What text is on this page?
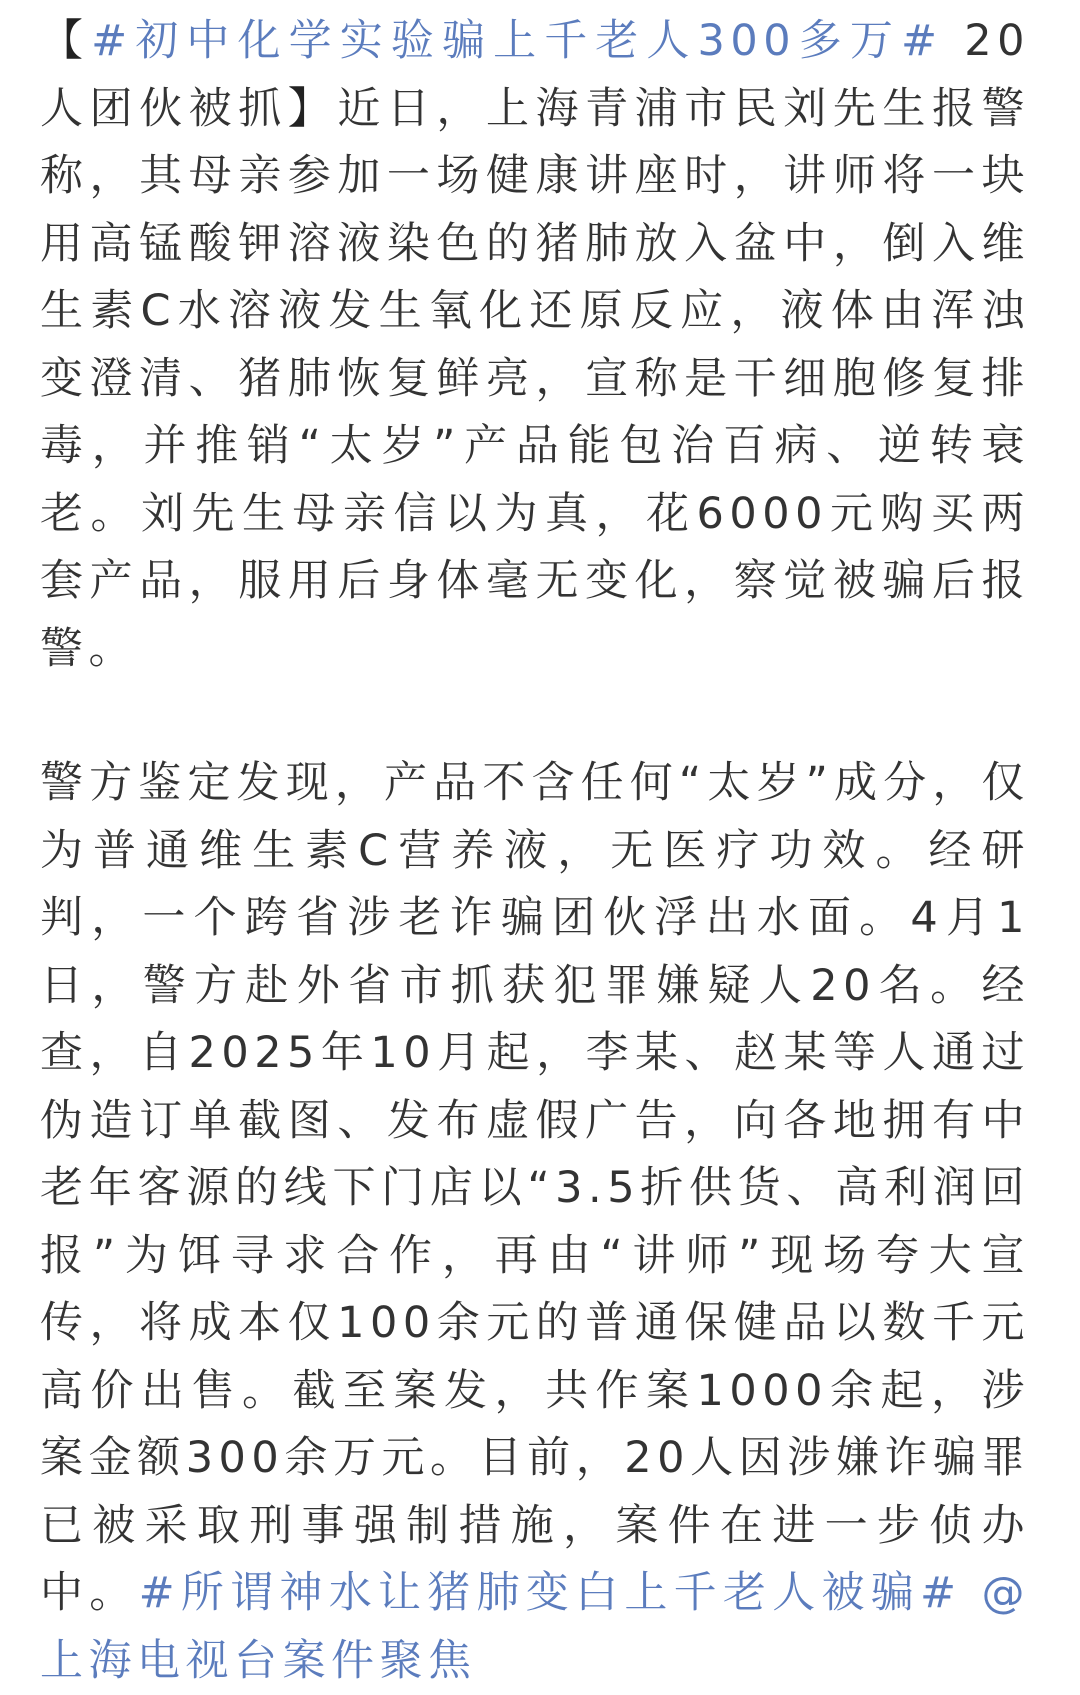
【#初中化学实验骗上千老人300多万# 20人团伙被抓】近日，上海青浦市民刘先生报警称，其母亲参加一场健康讲座时，讲师将一块用高锰酸钾溶液染色的猪肺放入盆中，倒入维生素C水溶液发生氧化还原反应，液体由浑浊变澄清、猪肺恢复鲜亮，宣称是干细胞修复排毒，并推销“太岁”产品能包治百病、逆转衰老。刘先生母亲信以为真，花6000元购买两套产品，服用后身体毫无变化，察觉被骗后报警。

警方鉴定发现，产品不含任何“太岁”成分，仅为普通维生素C营养液，无医疗功效。经研判，一个跨省涉老诈骗团伙浮出水面。4月1日，警方赴外省市抓获犯罪嫌疑人20名。经查，自2025年10月起，李某、赵某等人通过伪造订单截图、发布虚假广告，向各地拥有中老年客源的线下门店以“3.5折供货、高利润回报”为饵寻求合作，再由“讲师”现场夸大宣传，将成本仅100余元的普通保健品以数千元高价出售。截至案发，共作案1000余起，涉案金额300余万元。目前，20人因涉嫌诈骗罪已被采取刑事强制措施，案件在进一步侦办中。#所谓神水让猪肺变白上千老人被骗# @上海电视台案件聚焦
